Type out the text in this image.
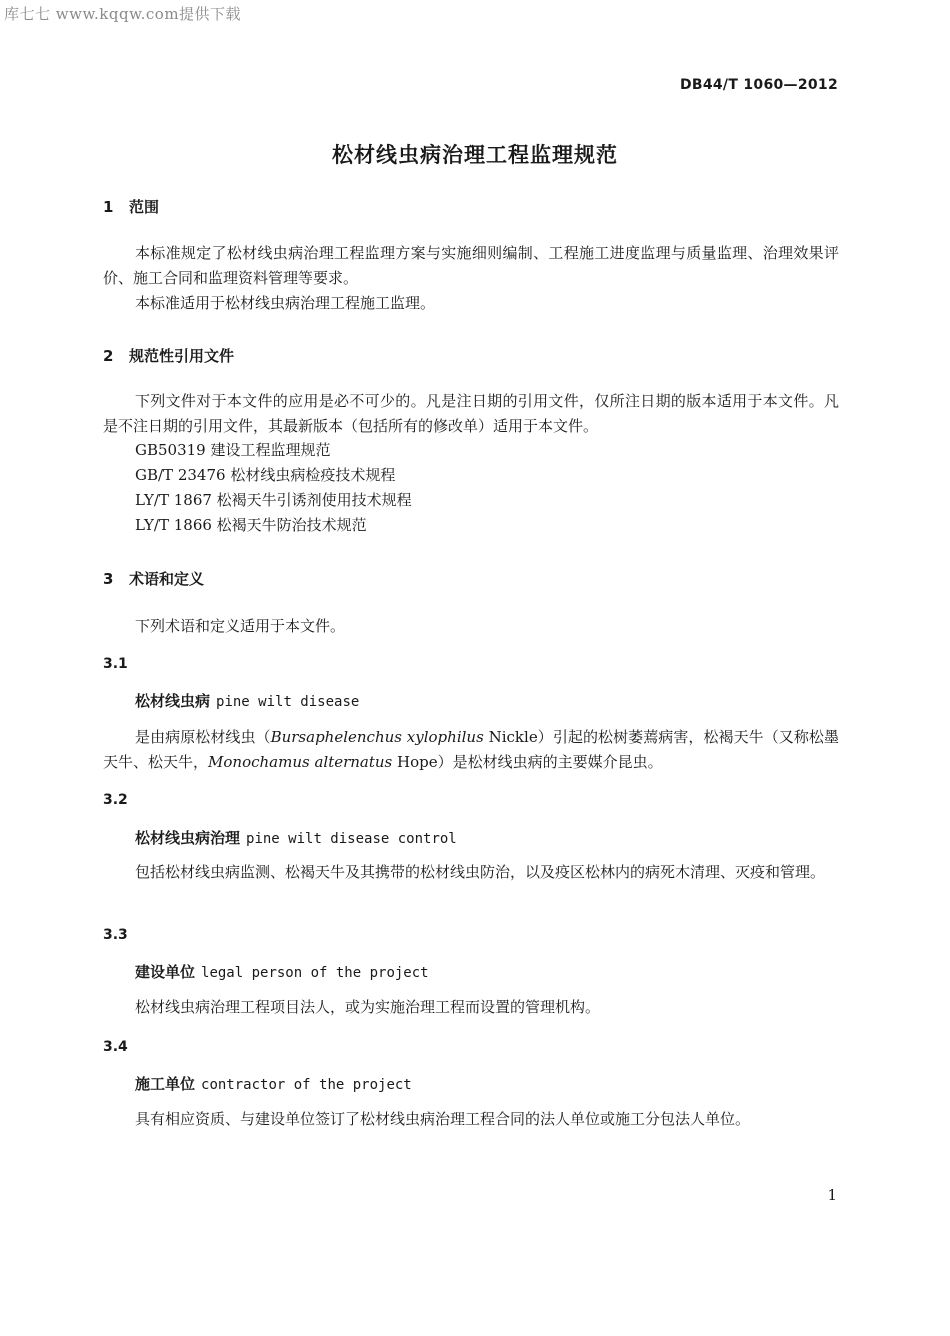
库七七 www.kqqw.com提供下载
DB44/T 1060—2012
松材线虫病治理工程监理规范
1 范围
本标准规定了松材线虫病治理工程监理方案与实施细则编制、工程施工进度监理与质量监理、治理效果评价、施工合同和监理资料管理等要求。
本标准适用于松材线虫病治理工程施工监理。
2 规范性引用文件
下列文件对于本文件的应用是必不可少的。凡是注日期的引用文件，仅所注日期的版本适用于本文件。凡是不注日期的引用文件，其最新版本（包括所有的修改单）适用于本文件。
GB50319 建设工程监理规范
GB/T 23476 松材线虫病检疫技术规程
LY/T 1867 松褐天牛引诱剂使用技术规程
LY/T 1866 松褐天牛防治技术规范
3 术语和定义
下列术语和定义适用于本文件。
3.1
松材线虫病 pine wilt disease
是由病原松材线虫（Bursaphelenchus xylophilus Nickle）引起的松树萎蔫病害，松褐天牛（又称松墨天牛、松天牛，Monochamus alternatus Hope）是松材线虫病的主要媒介昆虫。
3.2
松材线虫病治理 pine wilt disease control
包括松材线虫病监测、松褐天牛及其携带的松材线虫防治，以及疫区松林内的病死木清理、灭疫和管理。
3.3
建设单位 legal person of the project
松材线虫病治理工程项目法人，或为实施治理工程而设置的管理机构。
3.4
施工单位 contractor of the project
具有相应资质、与建设单位签订了松材线虫病治理工程合同的法人单位或施工分包法人单位。
1
